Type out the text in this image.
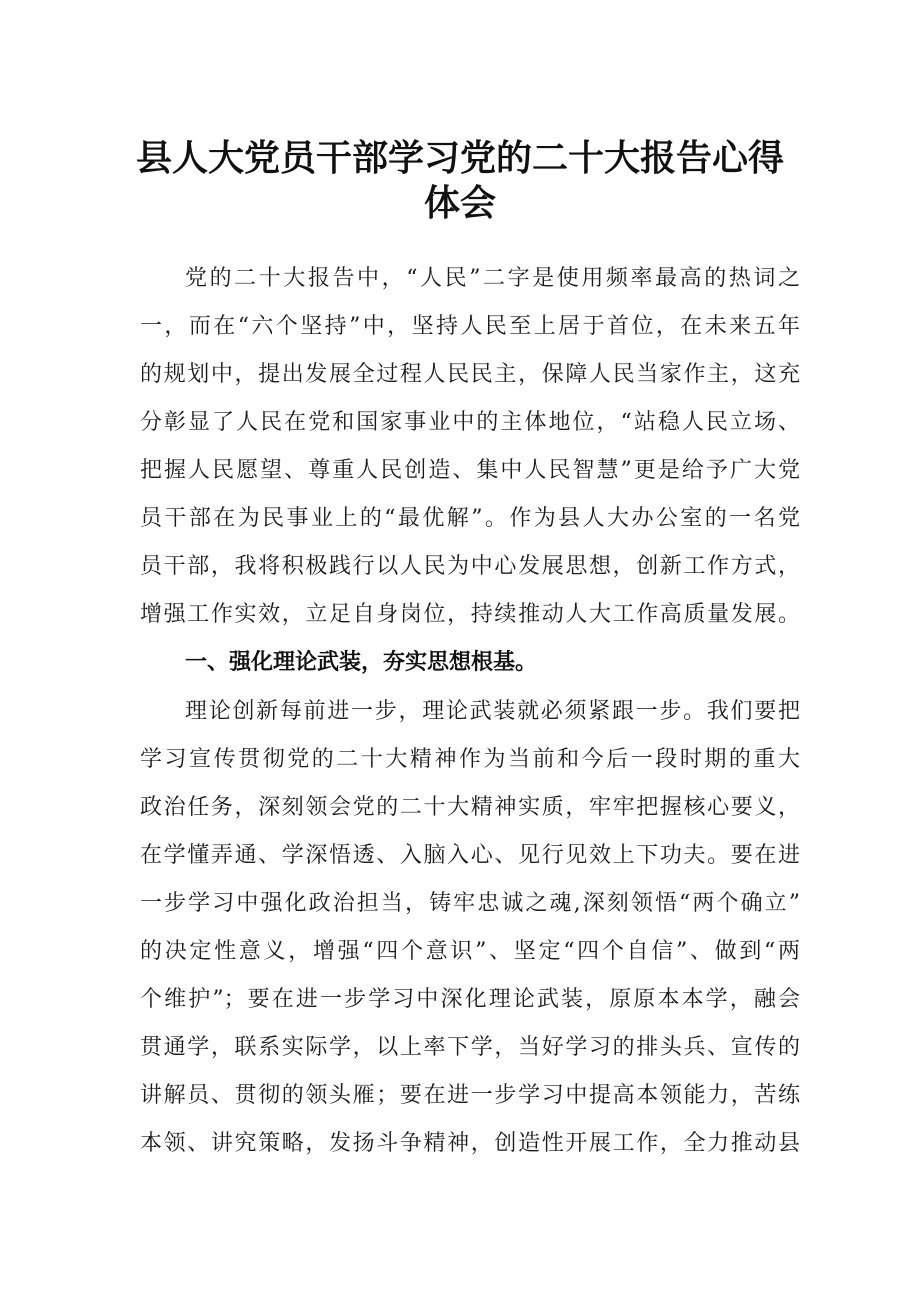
县人大党员干部学习党的二十大报告心得
体会
党的二十大报告中，“人民”二字是使用频率最高的热词之
一，而在“六个坚持”中，坚持人民至上居于首位，在未来五年
的规划中，提出发展全过程人民民主，保障人民当家作主，这充
分彰显了人民在党和国家事业中的主体地位，“站稳人民立场、
把握人民愿望、尊重人民创造、集中人民智慧”更是给予广大党
员干部在为民事业上的“最优解”。作为县人大办公室的一名党
员干部，我将积极践行以人民为中心发展思想，创新工作方式，
增强工作实效，立足自身岗位，持续推动人大工作高质量发展。
一、强化理论武装，夯实思想根基。
理论创新每前进一步，理论武装就必须紧跟一步。我们要把
学习宣传贯彻党的二十大精神作为当前和今后一段时期的重大
政治任务，深刻领会党的二十大精神实质，牢牢把握核心要义，
在学懂弄通、学深悟透、入脑入心、见行见效上下功夫。要在进
一步学习中强化政治担当，铸牢忠诚之魂,深刻领悟“两个确立”
的决定性意义，增强“四个意识”、坚定“四个自信”、做到“两
个维护”；要在进一步学习中深化理论武装，原原本本学，融会
贯通学，联系实际学，以上率下学，当好学习的排头兵、宣传的
讲解员、贯彻的领头雁；要在进一步学习中提高本领能力，苦练
本领、讲究策略，发扬斗争精神，创造性开展工作，全力推动县
